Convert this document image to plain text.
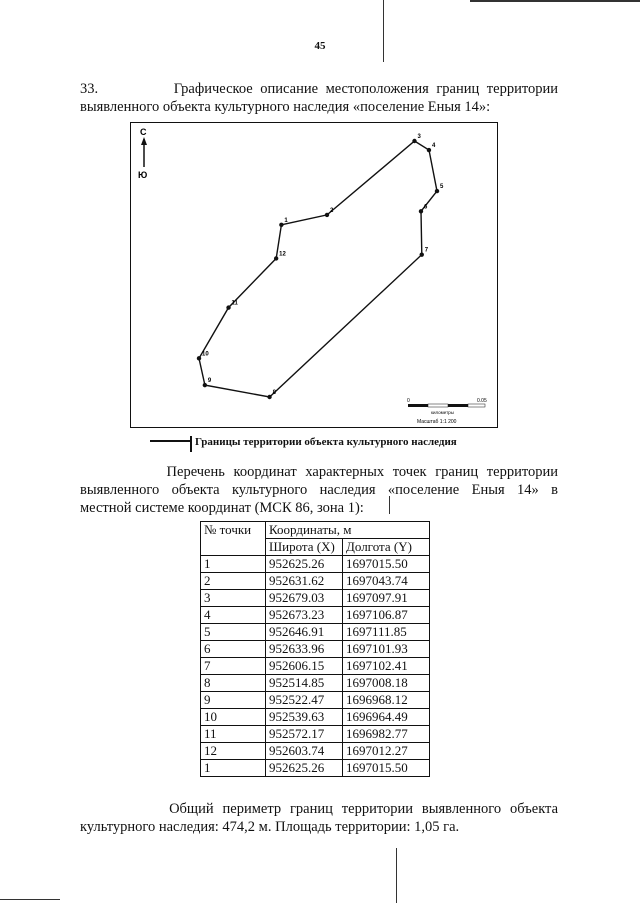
45
33.	Графическое описание местоположения границ территории
выявленного объекта культурного наследия «поселение Еныя 14»:
С
Ю
1
2
3
4
5
6
7
8
9
10
11
12
0	0.05
километры
Масштаб 1:1 200
Границы территории объекта культурного наследия
Перечень координат характерных точек границ территории выявленного объекта культурного наследия «поселение Еныя 14» в
местной системе координат (МСК 86, зона 1):
№ точки	Координаты, м	
	Широта (X)	Долгота (Y)
1	952625.26	1697015.50
2	952631.62	1697043.74
3	952679.03	1697097.91
4	952673.23	1697106.87
5	952646.91	1697111.85
6	952633.96	1697101.93
7	952606.15	1697102.41
8	952514.85	1697008.18
9	952522.47	1696968.12
10	952539.63	1696964.49
11	952572.17	1696982.77
12	952603.74	1697012.27
1	952625.26	1697015.50
Общий периметр границ территории выявленного объекта
культурного наследия: 474,2 м. Площадь территории: 1,05 га.
